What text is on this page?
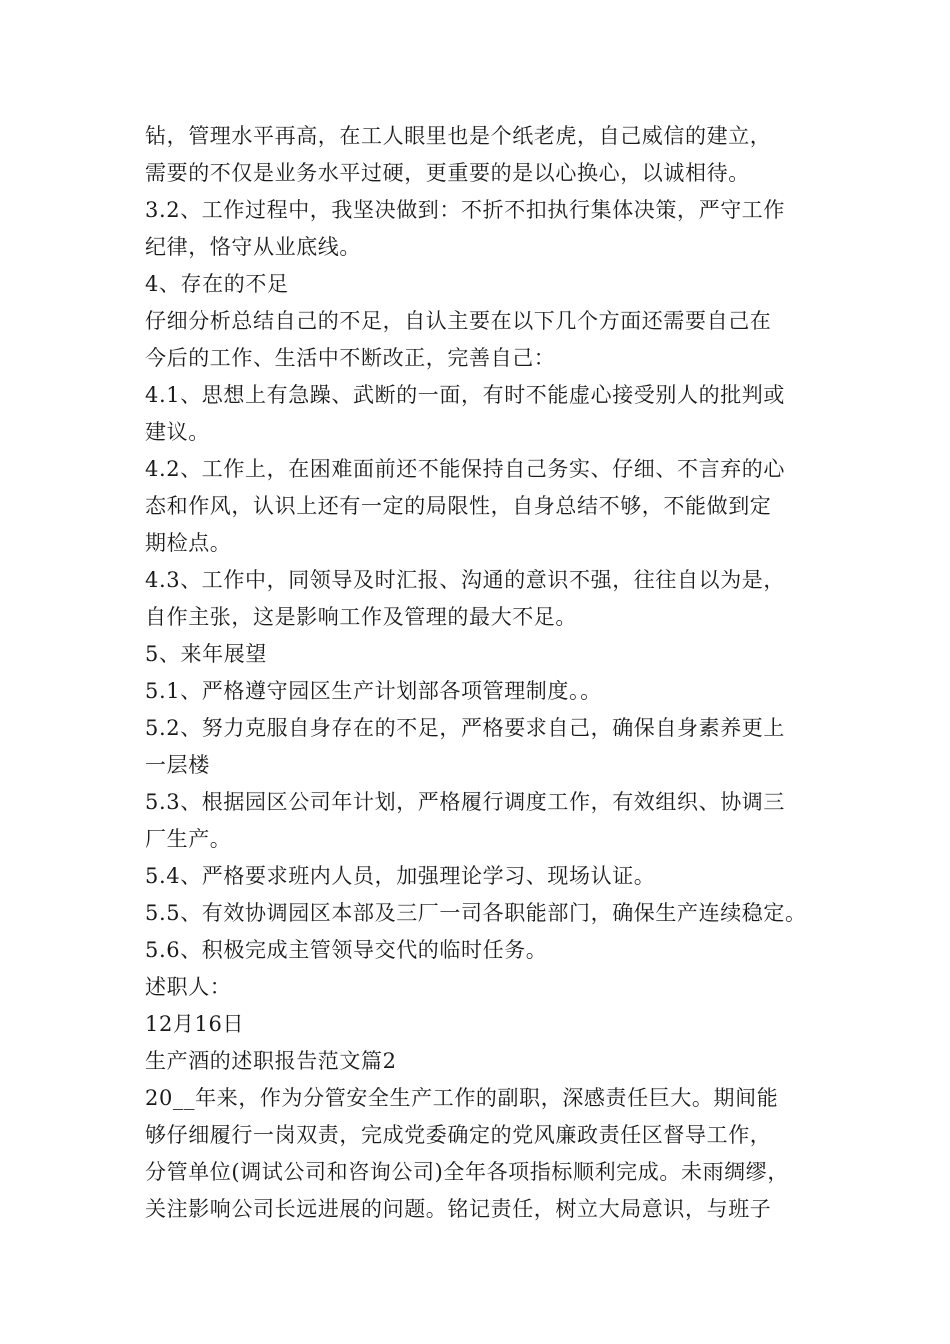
钻，管理水平再高，在工人眼里也是个纸老虎，自己威信的建立，
需要的不仅是业务水平过硬，更重要的是以心换心，以诚相待。
3.2、工作过程中，我坚决做到：不折不扣执行集体决策，严守工作
纪律，恪守从业底线。
4、存在的不足
仔细分析总结自己的不足，自认主要在以下几个方面还需要自己在
今后的工作、生活中不断改正，完善自己：
4.1、思想上有急躁、武断的一面，有时不能虚心接受别人的批判或
建议。
4.2、工作上，在困难面前还不能保持自己务实、仔细、不言弃的心
态和作风，认识上还有一定的局限性，自身总结不够，不能做到定
期检点。
4.3、工作中，同领导及时汇报、沟通的意识不强，往往自以为是，
自作主张，这是影响工作及管理的最大不足。
5、来年展望
5.1、严格遵守园区生产计划部各项管理制度。。
5.2、努力克服自身存在的不足，严格要求自己，确保自身素养更上
一层楼
5.3、根据园区公司年计划，严格履行调度工作，有效组织、协调三
厂生产。
5.4、严格要求班内人员，加强理论学习、现场认证。
5.5、有效协调园区本部及三厂一司各职能部门，确保生产连续稳定。
5.6、积极完成主管领导交代的临时任务。
述职人：
12月16日
生产酒的述职报告范文篇2
20__年来，作为分管安全生产工作的副职，深感责任巨大。期间能
够仔细履行一岗双责，完成党委确定的党风廉政责任区督导工作，
分管单位(调试公司和咨询公司)全年各项指标顺利完成。未雨绸缪，
关注影响公司长远进展的问题。铭记责任，树立大局意识，与班子
